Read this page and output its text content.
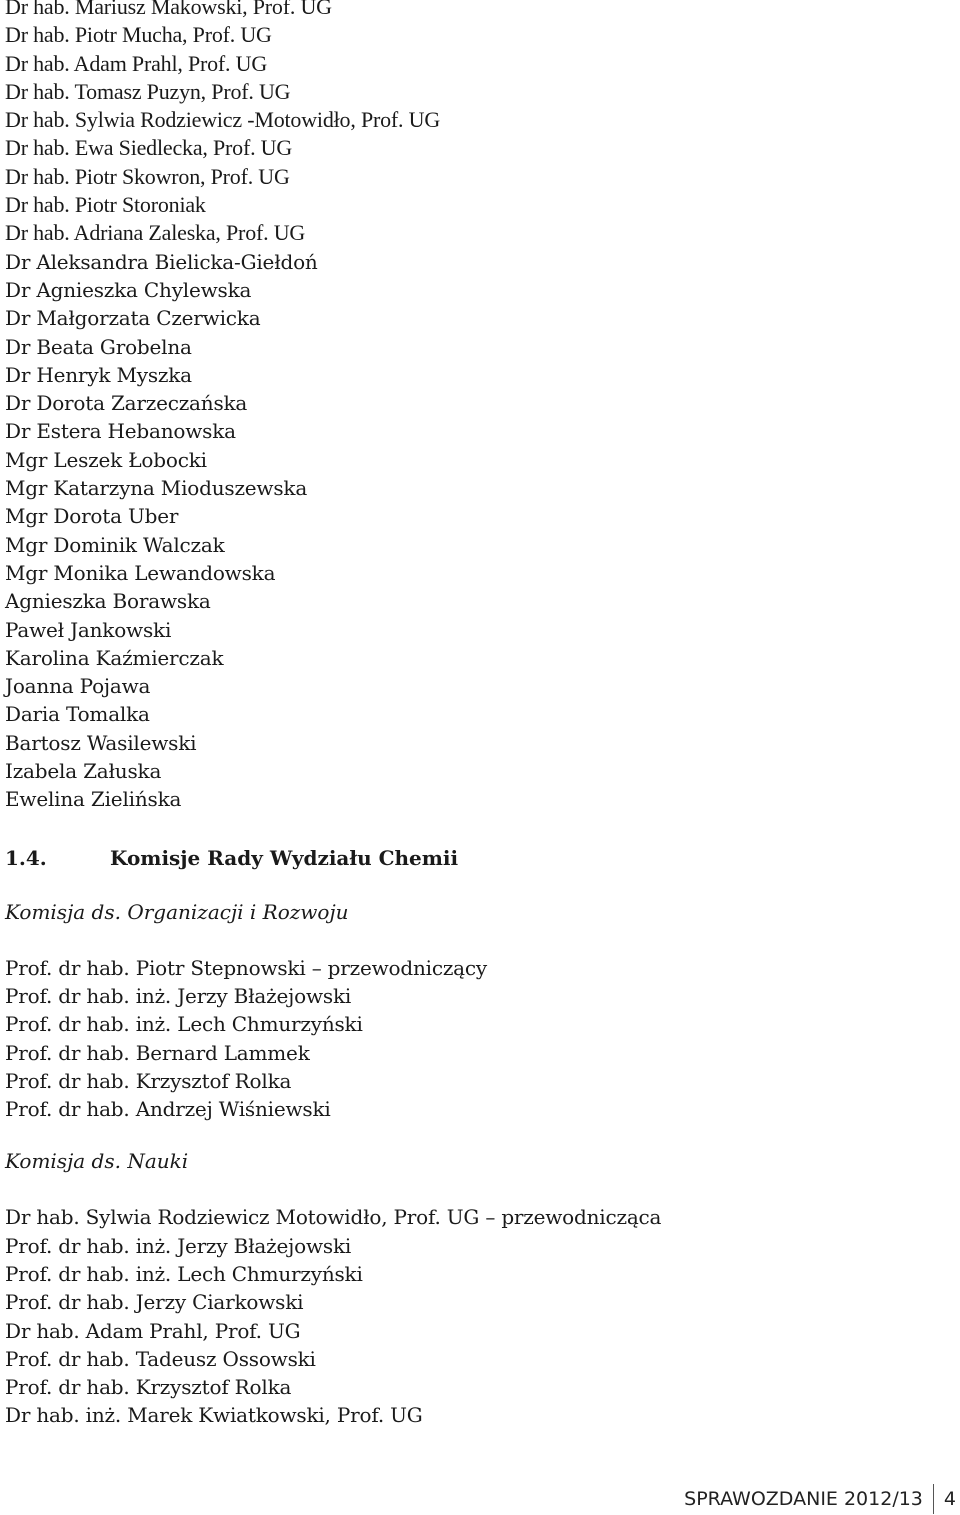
Dr hab. Mariusz Makowski, Prof. UG
Dr hab. Piotr Mucha, Prof. UG
Dr hab. Adam Prahl, Prof. UG
Dr hab. Tomasz Puzyn, Prof. UG
Dr hab. Sylwia Rodziewicz -Motowidło, Prof. UG
Dr hab. Ewa Siedlecka, Prof. UG
Dr hab. Piotr Skowron, Prof. UG
Dr hab. Piotr Storoniak
Dr hab. Adriana Zaleska, Prof. UG
Dr Aleksandra Bielicka-Giełdoń
Dr Agnieszka Chylewska
Dr Małgorzata Czerwicka
Dr Beata Grobelna
Dr Henryk Myszka
Dr Dorota Zarzeczańska
Dr Estera Hebanowska
Mgr Leszek Łobocki
Mgr Katarzyna Mioduszewska
Mgr Dorota Uber
Mgr Dominik Walczak
Mgr Monika Lewandowska
Agnieszka Borawska
Paweł Jankowski
Karolina Kaźmierczak
Joanna Pojawa
Daria Tomalka
Bartosz Wasilewski
Izabela Załuska
Ewelina Zielińska
1.4.	Komisje Rady Wydziału Chemii
Komisja ds. Organizacji i Rozwoju
Prof. dr hab. Piotr Stepnowski – przewodniczący
Prof. dr hab. inż. Jerzy Błażejowski
Prof. dr hab. inż. Lech Chmurzyński
Prof. dr hab. Bernard Lammek
Prof. dr hab. Krzysztof Rolka
Prof. dr hab. Andrzej Wiśniewski
Komisja ds. Nauki
Dr hab. Sylwia Rodziewicz Motowidło, Prof. UG – przewodnicząca
Prof. dr hab. inż. Jerzy Błażejowski
Prof. dr hab. inż. Lech Chmurzyński
Prof. dr hab. Jerzy Ciarkowski
Dr hab. Adam Prahl, Prof. UG
Prof. dr hab. Tadeusz Ossowski
Prof. dr hab. Krzysztof Rolka
Dr hab. inż. Marek Kwiatkowski, Prof. UG
SPRAWOZDANIE 2012/13	4
